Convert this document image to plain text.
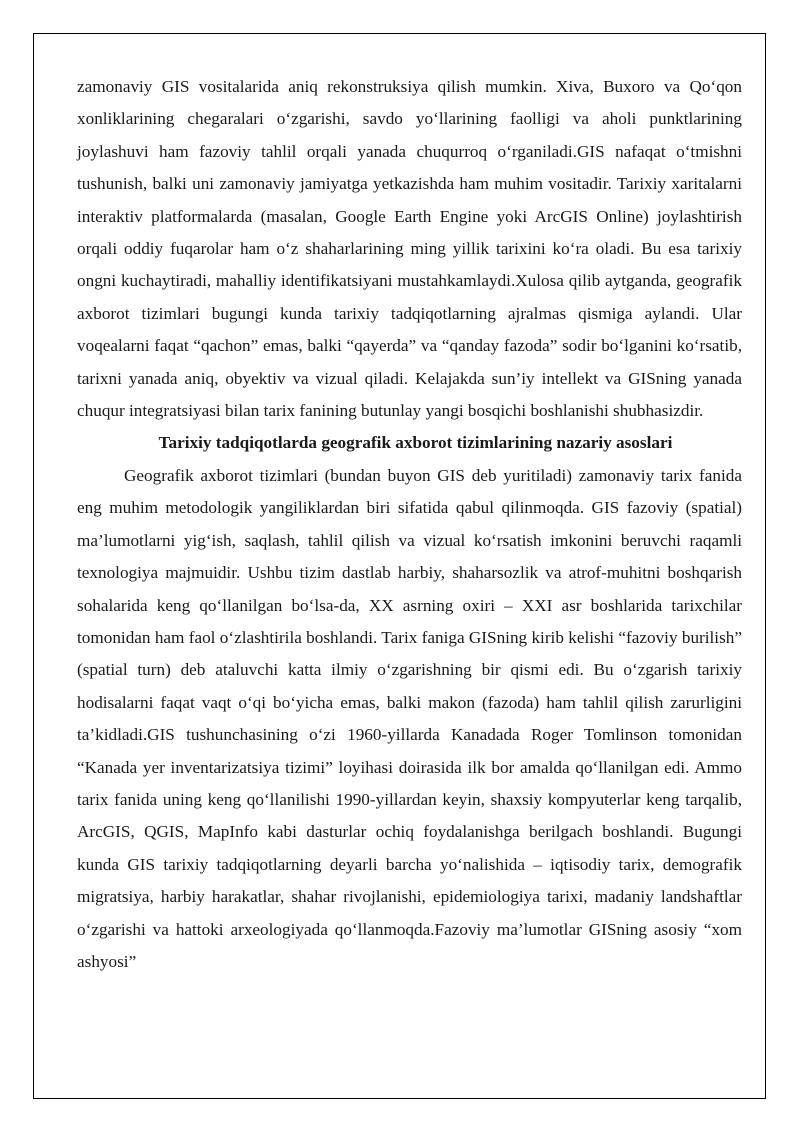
zamonaviy GIS vositalarida aniq rekonstruksiya qilish mumkin. Xiva, Buxoro va Qo‘qon xonliklarining chegaralari o‘zgarishi, savdo yo‘llarining faolligi va aholi punktlarining joylashuvi ham fazoviy tahlil orqali yanada chuqurroq o‘rganiladi.GIS nafaqat o‘tmishni tushunish, balki uni zamonaviy jamiyatga yetkazishda ham muhim vositadir. Tarixiy xaritalarni interaktiv platformalarda (masalan, Google Earth Engine yoki ArcGIS Online) joylashtirish orqali oddiy fuqarolar ham o‘z shaharlarining ming yillik tarixini ko‘ra oladi. Bu esa tarixiy ongni kuchaytiradi, mahalliy identifikatsiyani mustahkamlaydi.Xulosa qilib aytganda, geografik axborot tizimlari bugungi kunda tarixiy tadqiqotlarning ajralmas qismiga aylandi. Ular voqealarni faqat “qachon” emas, balki “qayerda” va “qanday fazoda” sodir bo‘lganini ko‘rsatib, tarixni yanada aniq, obyektiv va vizual qiladi. Kelajakda sun’iy intellekt va GISning yanada chuqur integratsiyasi bilan tarix fanining butunlay yangi bosqichi boshlanishi shubhasizdir.

Tarixiy tadqiqotlarda geografik axborot tizimlarining nazariy asoslari

Geografik axborot tizimlari (bundan buyon GIS deb yuritiladi) zamonaviy tarix fanida eng muhim metodologik yangiliklardan biri sifatida qabul qilinmoqda. GIS fazoviy (spatial) ma’lumotlarni yig‘ish, saqlash, tahlil qilish va vizual ko‘rsatish imkonini beruvchi raqamli texnologiya majmuidir. Ushbu tizim dastlab harbiy, shaharsozlik va atrof-muhitni boshqarish sohalarida keng qo‘llanilgan bo‘lsa-da, XX asrning oxiri – XXI asr boshlarida tarixchilar tomonidan ham faol o‘zlashtirila boshlandi. Tarix faniga GISning kirib kelishi “fazoviy burilish” (spatial turn) deb ataluvchi katta ilmiy o‘zgarishning bir qismi edi. Bu o‘zgarish tarixiy hodisalarni faqat vaqt o‘qi bo‘yicha emas, balki makon (fazoda) ham tahlil qilish zarurligini ta’kidladi.GIS tushunchasining o‘zi 1960-yillarda Kanadada Roger Tomlinson tomonidan “Kanada yer inventarizatsiya tizimi” loyihasi doirasida ilk bor amalda qo‘llanilgan edi. Ammo tarix fanida uning keng qo‘llanilishi 1990-yillardan keyin, shaxsiy kompyuterlar keng tarqalib, ArcGIS, QGIS, MapInfo kabi dasturlar ochiq foydalanishga berilgach boshlandi. Bugungi kunda GIS tarixiy tadqiqotlarning deyarli barcha yo‘nalishida – iqtisodiy tarix, demografik migratsiya, harbiy harakatlar, shahar rivojlanishi, epidemiologiya tarixi, madaniy landshaftlar o‘zgarishi va hattoki arxeologiyada qo‘llanmoqda.Fazoviy ma’lumotlar GISning asosiy “xom ashyosi”
